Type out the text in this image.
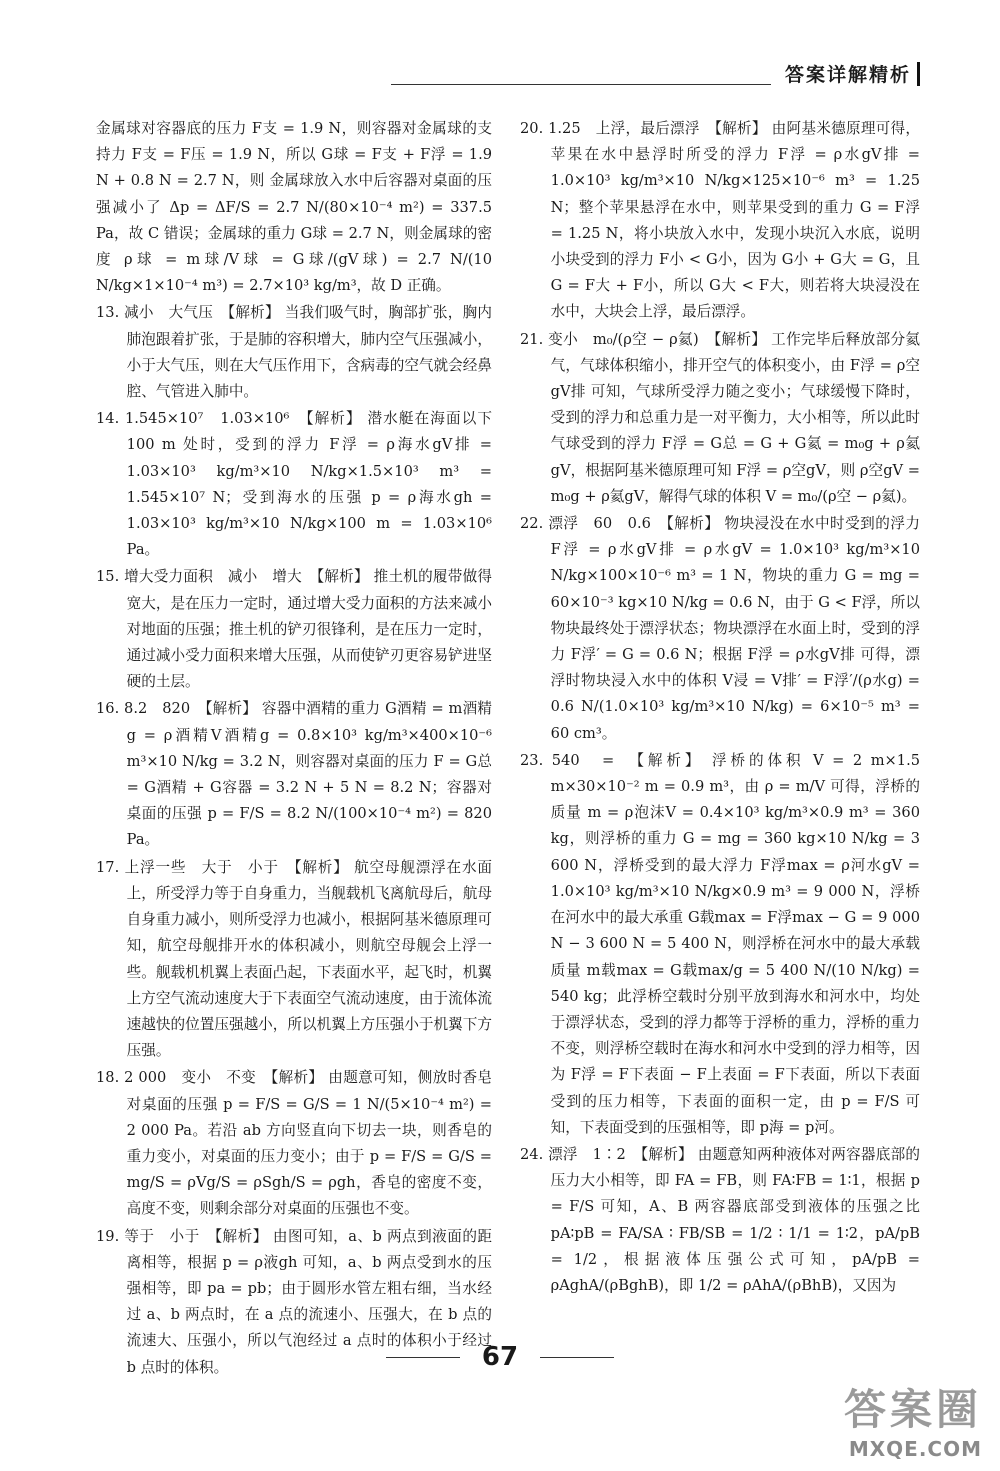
答案详解精析

金属球对容器底的压力 F支 = 1.9 N，则容器对金属球的支持力 F支 = F压 = 1.9 N，所以 G球 = F支 + F浮 = 1.9 N + 0.8 N = 2.7 N，则 金属球放入水中后容器对桌面的压强减小了 Δp = ΔF/S = 2.7 N/(80×10⁻⁴ m²) = 337.5 Pa，故 C 错误；金属球的重力 G球 = 2.7 N，则金属球的密度 ρ球 = m球/V球 = G球/(gV球) = 2.7 N/(10 N/kg×1×10⁻⁴ m³) = 2.7×10³ kg/m³，故 D 正确。

13. 减小　大气压　【解析】 当我们吸气时，胸部扩张，胸内肺泡跟着扩张，于是肺的容积增大，肺内空气压强减小，小于大气压，则在大气压作用下，含病毒的空气就会经鼻腔、气管进入肺中。

14. 1.545×10⁷　1.03×10⁶　【解析】 潜水艇在海面以下 100 m 处时，受到的浮力 F浮 = ρ海水gV排 = 1.03×10³ kg/m³×10 N/kg×1.5×10³ m³ = 1.545×10⁷ N；受到海水的压强 p = ρ海水gh = 1.03×10³ kg/m³×10 N/kg×100 m = 1.03×10⁶ Pa。

15. 增大受力面积　减小　增大　【解析】 推土机的履带做得宽大，是在压力一定时，通过增大受力面积的方法来减小对地面的压强；推土机的铲刃很锋利，是在压力一定时，通过减小受力面积来增大压强，从而使铲刃更容易铲进坚硬的土层。

16. 8.2　820　【解析】 容器中酒精的重力 G酒精 = m酒精g = ρ酒精V酒精g = 0.8×10³ kg/m³×400×10⁻⁶ m³×10 N/kg = 3.2 N，则容器对桌面的压力 F = G总 = G酒精 + G容器 = 3.2 N + 5 N = 8.2 N；容器对桌面的压强 p = F/S = 8.2 N/(100×10⁻⁴ m²) = 820 Pa。

17. 上浮一些　大于　小于　【解析】 航空母舰漂浮在水面上，所受浮力等于自身重力，当舰载机飞离航母后，航母自身重力减小，则所受浮力也减小，根据阿基米德原理可知，航空母舰排开水的体积减小，则航空母舰会上浮一些。舰载机机翼上表面凸起，下表面水平，起飞时，机翼上方空气流动速度大于下表面空气流动速度，由于流体流速越快的位置压强越小，所以机翼上方压强小于机翼下方压强。

18. 2 000　变小　不变　【解析】 由题意可知，侧放时香皂对桌面的压强 p = F/S = G/S = 1 N/(5×10⁻⁴ m²) = 2 000 Pa。若沿 ab 方向竖直向下切去一块，则香皂的重力变小，对桌面的压力变小；由于 p = F/S = G/S = mg/S = ρVg/S = ρSgh/S = ρgh，香皂的密度不变，高度不变，则剩余部分对桌面的压强也不变。

19. 等于　小于　【解析】 由图可知，a、b 两点到液面的距离相等，根据 p = ρ液gh 可知，a、b 两点受到水的压强相等，即 pa = pb；由于圆形水管左粗右细，当水经过 a、b 两点时，在 a 点的流速小、压强大，在 b 点的流速大、压强小，所以气泡经过 a 点时的体积小于经过 b 点时的体积。

20. 1.25　上浮，最后漂浮　【解析】 由阿基米德原理可得，苹果在水中悬浮时所受的浮力 F浮 = ρ水gV排 = 1.0×10³ kg/m³×10 N/kg×125×10⁻⁶ m³ = 1.25 N；整个苹果悬浮在水中，则苹果受到的重力 G = F浮 = 1.25 N，将小块放入水中，发现小块沉入水底，说明小块受到的浮力 F小 < G小，因为 G小 + G大 = G，且 G = F大 + F小，所以 G大 < F大，则若将大块浸没在水中，大块会上浮，最后漂浮。

21. 变小　m₀/(ρ空 − ρ氦)　【解析】 工作完毕后释放部分氦气，气球体积缩小，排开空气的体积变小，由 F浮 = ρ空gV排 可知，气球所受浮力随之变小；气球缓慢下降时，受到的浮力和总重力是一对平衡力，大小相等，所以此时气球受到的浮力 F浮 = G总 = G + G氦 = m₀g + ρ氦gV，根据阿基米德原理可知 F浮 = ρ空gV，则 ρ空gV = m₀g + ρ氦gV，解得气球的体积 V = m₀/(ρ空 − ρ氦)。

22. 漂浮　60　0.6　【解析】 物块浸没在水中时受到的浮力 F浮 = ρ水gV排 = ρ水gV = 1.0×10³ kg/m³×10 N/kg×100×10⁻⁶ m³ = 1 N，物块的重力 G = mg = 60×10⁻³ kg×10 N/kg = 0.6 N，由于 G < F浮，所以物块最终处于漂浮状态；物块漂浮在水面上时，受到的浮力 F浮′ = G = 0.6 N；根据 F浮 = ρ水gV排 可得，漂浮时物块浸入水中的体积 V浸 = V排′ = F浮′/(ρ水g) = 0.6 N/(1.0×10³ kg/m³×10 N/kg) = 6×10⁻⁵ m³ = 60 cm³。

23. 540　=　【解析】 浮桥的体积 V = 2 m×1.5 m×30×10⁻² m = 0.9 m³，由 ρ = m/V 可得，浮桥的质量 m = ρ泡沫V = 0.4×10³ kg/m³×0.9 m³ = 360 kg，则浮桥的重力 G = mg = 360 kg×10 N/kg = 3 600 N，浮桥受到的最大浮力 F浮max = ρ河水gV = 1.0×10³ kg/m³×10 N/kg×0.9 m³ = 9 000 N，浮桥在河水中的最大承重 G载max = F浮max − G = 9 000 N − 3 600 N = 5 400 N，则浮桥在河水中的最大承载质量 m载max = G载max/g = 5 400 N/(10 N/kg) = 540 kg；此浮桥空载时分别平放到海水和河水中，均处于漂浮状态，受到的浮力都等于浮桥的重力，浮桥的重力不变，则浮桥空载时在海水和河水中受到的浮力相等，因为 F浮 = F下表面 − F上表面 = F下表面，所以下表面受到的压力相等，下表面的面积一定，由 p = F/S 可知，下表面受到的压强相等，即 p海 = p河。

24. 漂浮　1∶2　【解析】 由题意知两种液体对两容器底部的压力大小相等，即 FA = FB，则 FA∶FB = 1∶1，根据 p = F/S 可知，A、B 两容器底部受到液体的压强之比 pA∶pB = FA/SA ∶ FB/SB = 1/2 ∶ 1/1 = 1∶2，pA/pB = 1/2，根据液体压强公式可知，pA/pB = ρAghA/(ρBghB)，即 1/2 = ρAhA/(ρBhB)，又因为

67
答案圈
MXQE.COM
